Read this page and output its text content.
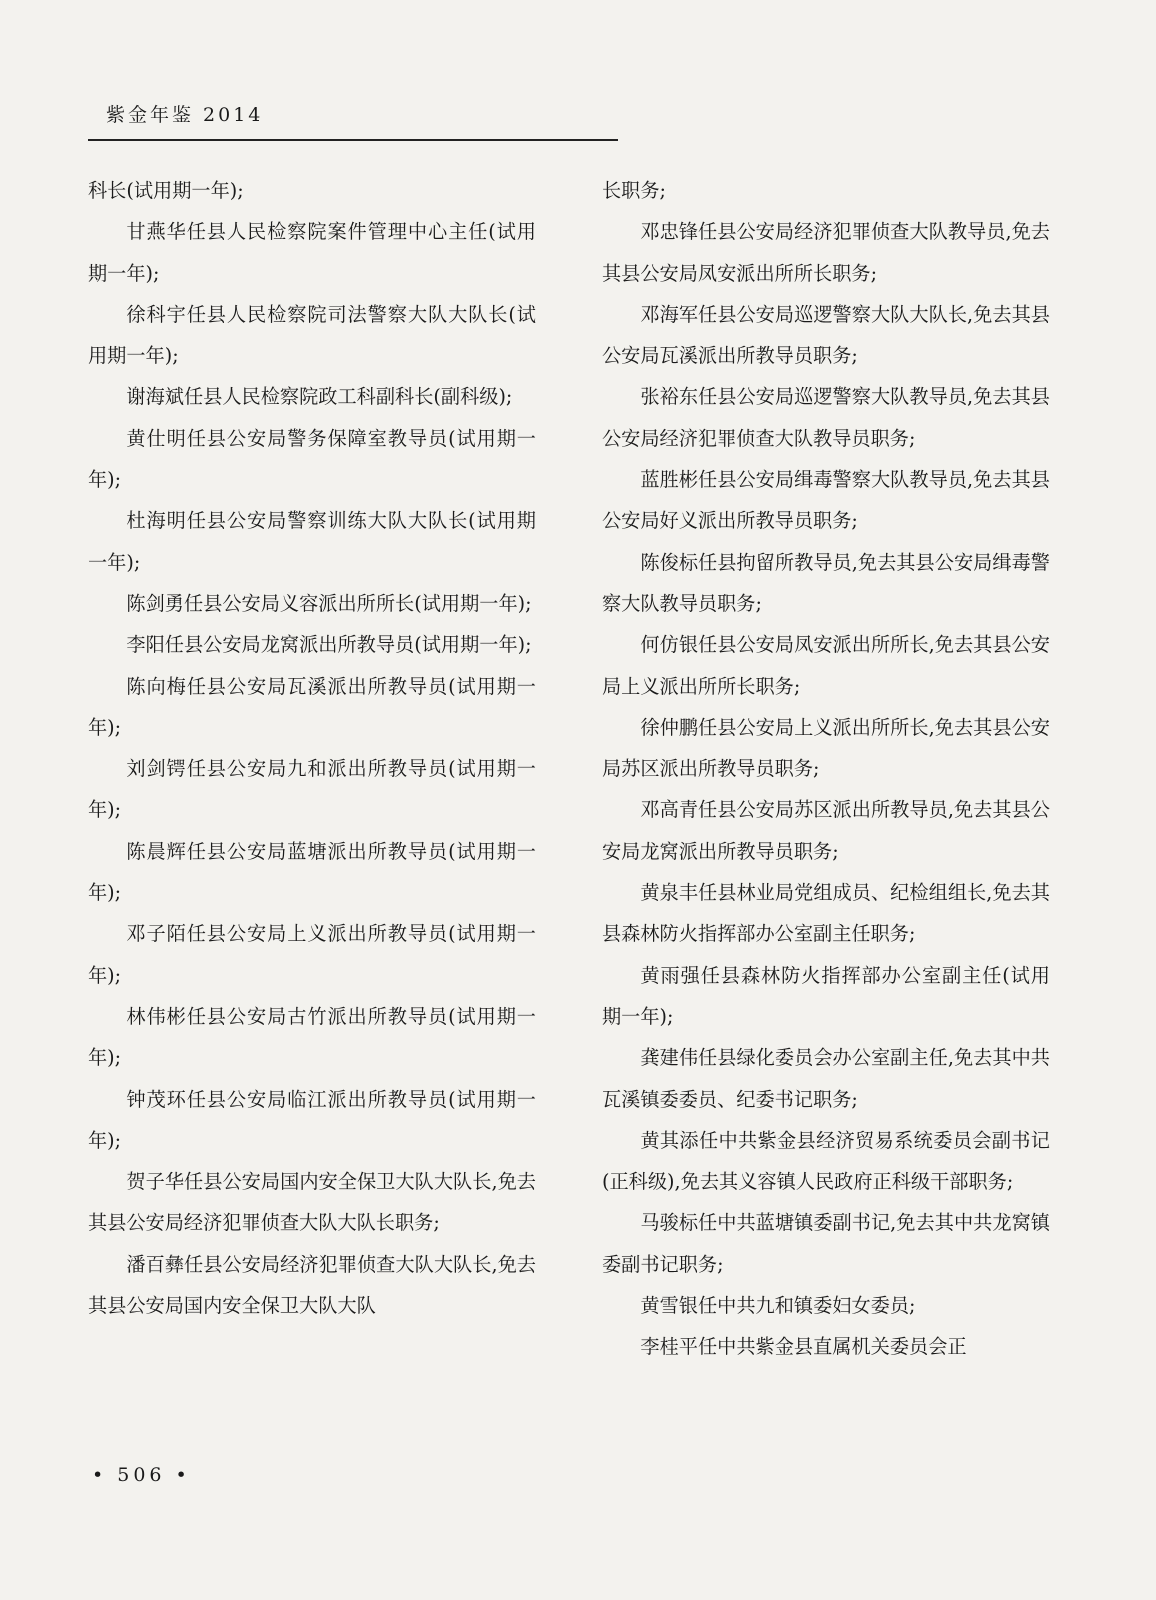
紫金年鉴 2014

科长(试用期一年);

甘燕华任县人民检察院案件管理中心主任(试用期一年);

徐科宇任县人民检察院司法警察大队大队长(试用期一年);

谢海斌任县人民检察院政工科副科长(副科级);

黄仕明任县公安局警务保障室教导员(试用期一年);

杜海明任县公安局警察训练大队大队长(试用期一年);

陈剑勇任县公安局义容派出所所长(试用期一年);

李阳任县公安局龙窝派出所教导员(试用期一年);

陈向梅任县公安局瓦溪派出所教导员(试用期一年);

刘剑锷任县公安局九和派出所教导员(试用期一年);

陈晨辉任县公安局蓝塘派出所教导员(试用期一年);

邓子陌任县公安局上义派出所教导员(试用期一年);

林伟彬任县公安局古竹派出所教导员(试用期一年);

钟茂环任县公安局临江派出所教导员(试用期一年);

贺子华任县公安局国内安全保卫大队大队长,免去其县公安局经济犯罪侦查大队大队长职务;

潘百彝任县公安局经济犯罪侦查大队大队长,免去其县公安局国内安全保卫大队大队

长职务;

邓忠锋任县公安局经济犯罪侦查大队教导员,免去其县公安局凤安派出所所长职务;

邓海军任县公安局巡逻警察大队大队长,免去其县公安局瓦溪派出所教导员职务;

张裕东任县公安局巡逻警察大队教导员,免去其县公安局经济犯罪侦查大队教导员职务;

蓝胜彬任县公安局缉毒警察大队教导员,免去其县公安局好义派出所教导员职务;

陈俊标任县拘留所教导员,免去其县公安局缉毒警察大队教导员职务;

何仿银任县公安局凤安派出所所长,免去其县公安局上义派出所所长职务;

徐仲鹏任县公安局上义派出所所长,免去其县公安局苏区派出所教导员职务;

邓高青任县公安局苏区派出所教导员,免去其县公安局龙窝派出所教导员职务;

黄泉丰任县林业局党组成员、纪检组组长,免去其县森林防火指挥部办公室副主任职务;

黄雨强任县森林防火指挥部办公室副主任(试用期一年);

龚建伟任县绿化委员会办公室副主任,免去其中共瓦溪镇委委员、纪委书记职务;

黄其添任中共紫金县经济贸易系统委员会副书记(正科级),免去其义容镇人民政府正科级干部职务;

马骏标任中共蓝塘镇委副书记,免去其中共龙窝镇委副书记职务;

黄雪银任中共九和镇委妇女委员;

李桂平任中共紫金县直属机关委员会正

• 506 •
